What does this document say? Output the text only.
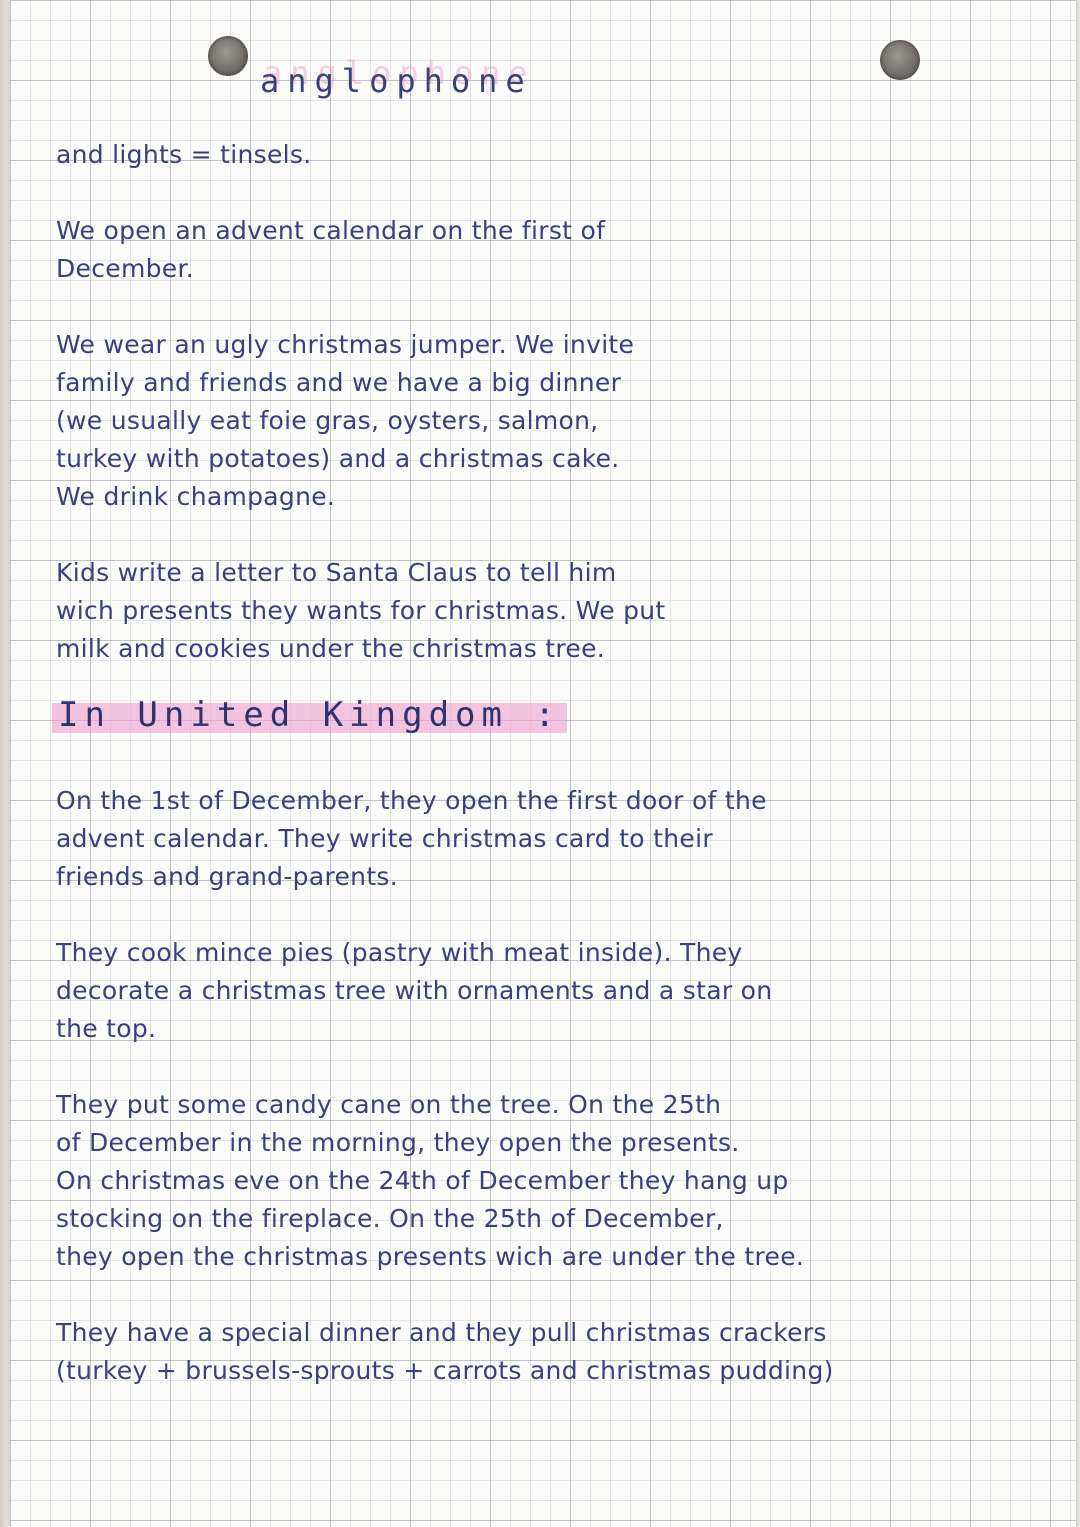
anglophone
and lights = tinsels.
We open an advent calendar on the first of
December.
We wear an ugly christmas jumper. We invite
family and friends and we have a big dinner
(we usually eat foie gras, oysters, salmon,
turkey with potatoes) and a christmas cake.
We drink champagne.
Kids write a letter to Santa Claus to tell him
wich presents they wants for christmas. We put
milk and cookies under the christmas tree.
In United Kingdom :
On the 1st of December, they open the first door of the
advent calendar. They write christmas card to their
friends and grand-parents.
They cook mince pies (pastry with meat inside). They
decorate a christmas tree with ornaments and a star on
the top.
They put some candy cane on the tree. On the 25th
of December in the morning, they open the presents.
On christmas eve on the 24th of December they hang up
stocking on the fireplace. On the 25th of December,
they open the christmas presents wich are under the tree.
They have a special dinner and they pull christmas crackers
(turkey + brussels-sprouts + carrots and christmas pudding)
